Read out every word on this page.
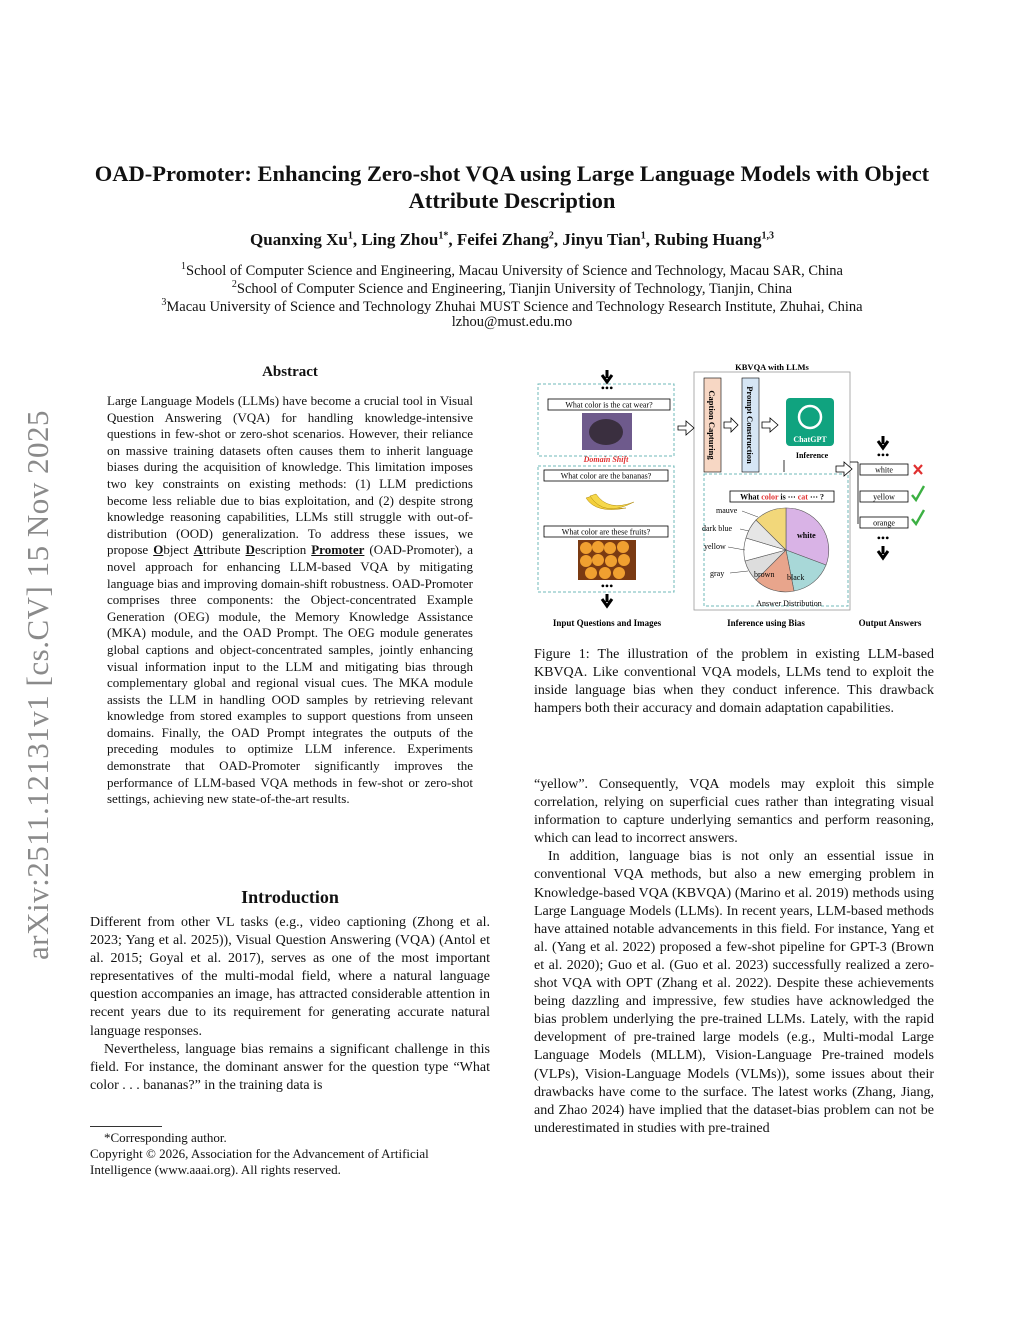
arXiv:2511.12131v1 [cs.CV] 15 Nov 2025
OAD-Promoter: Enhancing Zero-shot VQA using Large Language Models with Object Attribute Description
Quanxing Xu$^1$, Ling Zhou$^{1*}$, Feifei Zhang$^2$, Jinyu Tian$^1$, Rubing Huang$^{1,3}$
$^1$School of Computer Science and Engineering, Macau University of Science and Technology, Macau SAR, China
$^2$School of Computer Science and Engineering, Tianjin University of Technology, Tianjin, China
$^3$Macau University of Science and Technology Zhuhai MUST Science and Technology Research Institute, Zhuhai, China
lzhou@must.edu.mo
Abstract
Large Language Models (LLMs) have become a crucial tool in Visual Question Answering (VQA) for handling knowledge-intensive questions in few-shot or zero-shot scenarios. However, their reliance on massive training datasets often causes them to inherit language biases during the acquisition of knowledge. This limitation imposes two key constraints on existing methods: (1) LLM predictions become less reliable due to bias exploitation, and (2) despite strong knowledge reasoning capabilities, LLMs still struggle with out-of-distribution (OOD) generalization. To address these issues, we propose Object Attribute Description Promoter (OAD-Promoter), a novel approach for enhancing LLM-based VQA by mitigating language bias and improving domain-shift robustness. OAD-Promoter comprises three components: the Object-concentrated Example Generation (OEG) module, the Memory Knowledge Assistance (MKA) module, and the OAD Prompt. The OEG module generates global captions and object-concentrated samples, jointly enhancing visual information input to the LLM and mitigating bias through complementary global and regional visual cues. The MKA module assists the LLM in handling OOD samples by retrieving relevant knowledge from stored examples to support questions from unseen domains. Finally, the OAD Prompt integrates the outputs of the preceding modules to optimize LLM inference. Experiments demonstrate that OAD-Promoter significantly improves the performance of LLM-based VQA methods in few-shot or zero-shot settings, achieving new state-of-the-art results.
Introduction

Different from other VL tasks (e.g., video captioning (Zhong et al. 2023; Yang et al. 2025)), Visual Question Answering (VQA) (Antol et al. 2015; Goyal et al. 2017), serves as one of the most important representatives of the multi-modal field, where a natural language question accompanies an image, has attracted considerable attention in recent years due to its requirement for generating accurate natural language responses.

Nevertheless, language bias remains a significant challenge in this field. For instance, the dominant answer for the question type “What color . . . bananas?” in the training data is

*Corresponding author.
Copyright © 2026, Association for the Advancement of Artificial Intelligence (www.aaai.org). All rights reserved.
•••
What color is the cat wear?
Domain Shift
What color are the bananas?
What color are these fruits?
•••
KBVQA with LLMs
Caption Capturing	Prompt Construction	ChatGPT
Inference
What color is ⋯ cat ⋯ ?
mauve
dark blue
yellow
gray	brown black
white
Answer Distribution
•••
white
yellow
orange
•••
Input Questions and Images	Inference using Bias	Output Answers
Figure 1: The illustration of the problem in existing LLM-based KBVQA. Like conventional VQA models, LLMs tend to exploit the inside language bias when they conduct inference. This drawback hampers both their accuracy and domain adaptation capabilities.

“yellow”. Consequently, VQA models may exploit this simple correlation, relying on superficial cues rather than integrating visual information to capture underlying semantics and perform reasoning, which can lead to incorrect answers.

In addition, language bias is not only an essential issue in conventional VQA methods, but also a new emerging problem in Knowledge-based VQA (KBVQA) (Marino et al. 2019) methods using Large Language Models (LLMs). In recent years, LLM-based methods have attained notable advancements in this field. For instance, Yang et al. (Yang et al. 2022) proposed a few-shot pipeline for GPT-3 (Brown et al. 2020); Guo et al. (Guo et al. 2023) successfully realized a zero-shot VQA with OPT (Zhang et al. 2022). Despite these achievements being dazzling and impressive, few studies have acknowledged the bias problem underlying the pre-trained LLMs. Lately, with the rapid development of pre-trained large models (e.g., Multi-modal Large Language Models (MLLM), Vision-Language Pre-trained models (VLPs), Vision-Language Models (VLMs)), some issues about their drawbacks have come to the surface. The latest works (Zhang, Jiang, and Zhao 2024) have implied that the dataset-bias problem can not be underestimated in studies with pre-trained
